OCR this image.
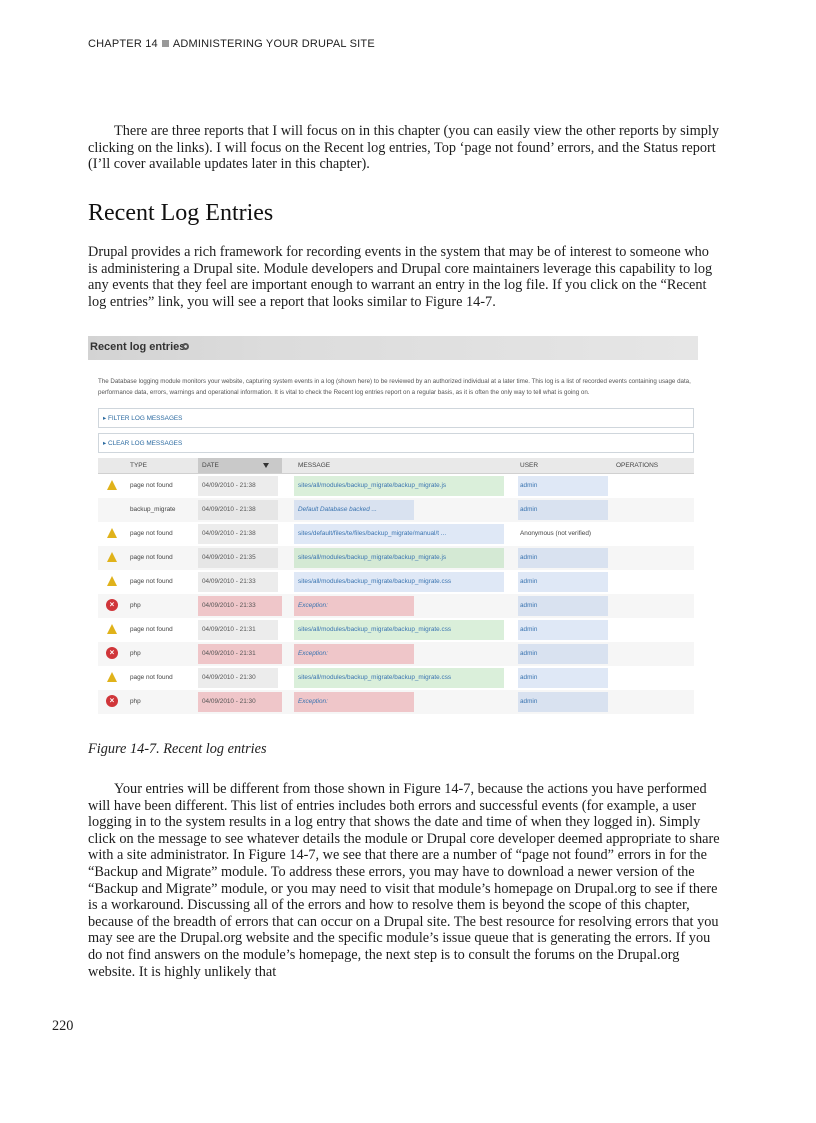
CHAPTER 14 ADMINISTERING YOUR DRUPAL SITE

There are three reports that I will focus on in this chapter (you can easily view the other reports by simply clicking on the links). I will focus on the Recent log entries, Top ‘page not found’ errors, and the Status report (I’ll cover available updates later in this chapter).

Recent Log Entries

Drupal provides a rich framework for recording events in the system that may be of interest to someone who is administering a Drupal site. Module developers and Drupal core maintainers leverage this capability to log any events that they feel are important enough to warrant an entry in the log file. If you click on the “Recent log entries” link, you will see a report that looks similar to Figure 14-7.

Recent log entries
The Database logging module monitors your website, capturing system events in a log (shown here) to be reviewed by an authorized individual at a later time. This log is a list of recorded events containing usage data, performance data, errors, warnings and operational information. It is vital to check the Recent log entries report on a regular basis, as it is often the only way to tell what is going on.
▸ FILTER LOG MESSAGES
▸ CLEAR LOG MESSAGES
TYPE	DATE	MESSAGE	USER	OPERATIONS
page not found	04/09/2010 - 21:38	sites/all/modules/backup_migrate/backup_migrate.js	admin
backup_migrate	04/09/2010 - 21:38	Default Database backed ...	admin
page not found	04/09/2010 - 21:38	sites/default/files/te/files/backup_migrate/manual/t ...	Anonymous (not verified)
page not found	04/09/2010 - 21:35	sites/all/modules/backup_migrate/backup_migrate.js	admin
page not found	04/09/2010 - 21:33	sites/all/modules/backup_migrate/backup_migrate.css	admin
×	php	04/09/2010 - 21:33	Exception:	admin
page not found	04/09/2010 - 21:31	sites/all/modules/backup_migrate/backup_migrate.css	admin
×	php	04/09/2010 - 21:31	Exception:	admin
page not found	04/09/2010 - 21:30	sites/all/modules/backup_migrate/backup_migrate.css	admin
×	php	04/09/2010 - 21:30	Exception:	admin
Figure 14-7. Recent log entries

Your entries will be different from those shown in Figure 14-7, because the actions you have performed will have been different. This list of entries includes both errors and successful events (for example, a user logging in to the system results in a log entry that shows the date and time of when they logged in). Simply click on the message to see whatever details the module or Drupal core developer deemed appropriate to share with a site administrator. In Figure 14-7, we see that there are a number of “page not found” errors in for the “Backup and Migrate” module. To address these errors, you may have to download a newer version of the “Backup and Migrate” module, or you may need to visit that module’s homepage on Drupal.org to see if there is a workaround. Discussing all of the errors and how to resolve them is beyond the scope of this chapter, because of the breadth of errors that can occur on a Drupal site. The best resource for resolving errors that you may see are the Drupal.org website and the specific module’s issue queue that is generating the errors. If you do not find answers on the module’s homepage, the next step is to consult the forums on the Drupal.org website. It is highly unlikely that

220
